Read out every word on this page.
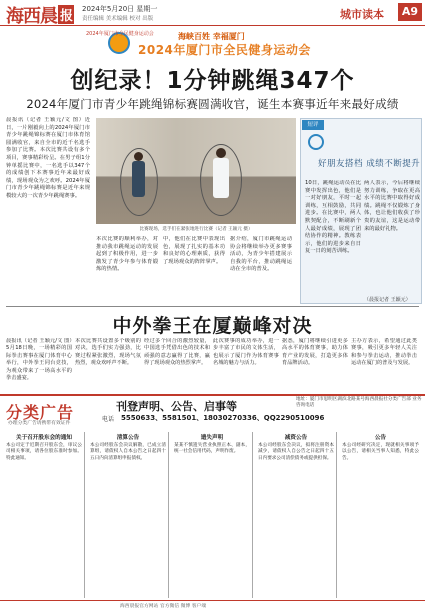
海西晨 报 2024年5月20日 星期一
责任编辑 美术编辑 校对 出版	城市读本	A9
2024年厦门市全民健身运动会	海峡百姓 幸福厦门
2024年厦门市全民健身运动会
创纪录！1分钟跳绳347个
2024年厦门市青少年跳绳锦标赛圆满收官，诞生本赛事近年来最好成绩
晨报讯（记者 王颖元/文 图）近日，一片刚毅向上的2024年厦门市青少年跳绳锦标赛在厦门市体育馆圆满收官，来自全市的近千名选手参加了比赛。本次比赛共设有多个项目，赛事精彩纷呈。在男子组1分钟单摇比赛中，一名选手以347个的成绩创下本赛事近年来最好成绩，现场观众为之欢呼。2024年厦门市青少年跳绳锦标赛是近年来规模较大的一次青少年跳绳赛事。
比赛现场，选手们在紧张地进行比赛（记者 王颖元 摄）
本次比赛的顺利举办，对推动我市跳绳运动的发展起到了积极作用，进一步激发了青少年参与体育锻炼的热情。
中，他们在比赛中表现出色，展现了扎实的基本功和良好的心理素质，获得了现场观众的阵阵掌声。
据介绍，厦门市跳绳运动协会将继续举办更多赛事活动，为青少年搭建展示自我的平台，推动跳绳运动在全市的普及。
短评
好朋友搭档 成绩不断提升
10日，跳绳运动员在比赛中发挥出色，他们是一对好朋友，平时一起训练，互相鼓励，共同进步。在比赛中，两人默契配合，不断刷新个人最好成绩，展现了团结协作的精神。教练表示，他们的进步来自日复一日的刻苦训练。
两人表示，今后将继续努力训练，争取在更高水平的比赛中取得好成绩。跳绳不仅锻炼了身体，也让他们收获了珍贵的友谊，这是运动带来的最好礼物。
（晨报记者 王颖元）
中外拳王在厦巅峰对决
晨报讯（记者 王颖元/文 图）5月18日晚，一场精彩的国际拳击赛事在厦门体育中心举行，中外拳王同台竞技，为观众带来了一场高水平的拳击盛宴。
本次比赛共设置多个级别的对决，选手们实力强劲，比赛过程紧张激烈，现场气氛热烈，观众欢呼声不断。
经过多个回合的激烈较量，中国选手凭借出色的技术和顽强的意志赢得了比赛，赢得了现场观众的热烈掌声。
此次赛事的成功举办，进一步丰富了市民的文体生活，也展示了厦门作为体育赛事名城的魅力与活力。
据悉，厦门将继续引进更多高水平的体育赛事，助力体育产业的发展，打造更多体育品牌活动。
主办方表示，希望通过此类赛事，吸引更多年轻人关注和参与拳击运动，推动拳击运动在厦门的普及与发展。
分类广告
办理分类广告请携带有效证件
刊登声明、公告、启事等
电话 5550633、5581501、18030270336、QQ2290510096
地址：厦门市思明区湖滨北路某号海西晨报社分类广告部 业务咨询电话
关于召开股东会的通知
本公司定于近期召开股东会，审议公司相关事项，请各位股东准时参加。特此通知。
清算公告
本公司经股东会决议解散，已成立清算组，请债权人自本公告之日起四十五日内向清算组申报债权。
遗失声明
某某不慎遗失营业执照正本、副本，统一社会信用代码，声明作废。
减资公告
本公司经股东会决议，拟将注册资本减少，请债权人自公告之日起四十五日内要求公司清偿债务或提供担保。
公告
本公司经研究决定，现就相关事项予以公告，请相关当事人知悉，特此公告。
海西晨报官方网站 官方微信 微博 客户端
